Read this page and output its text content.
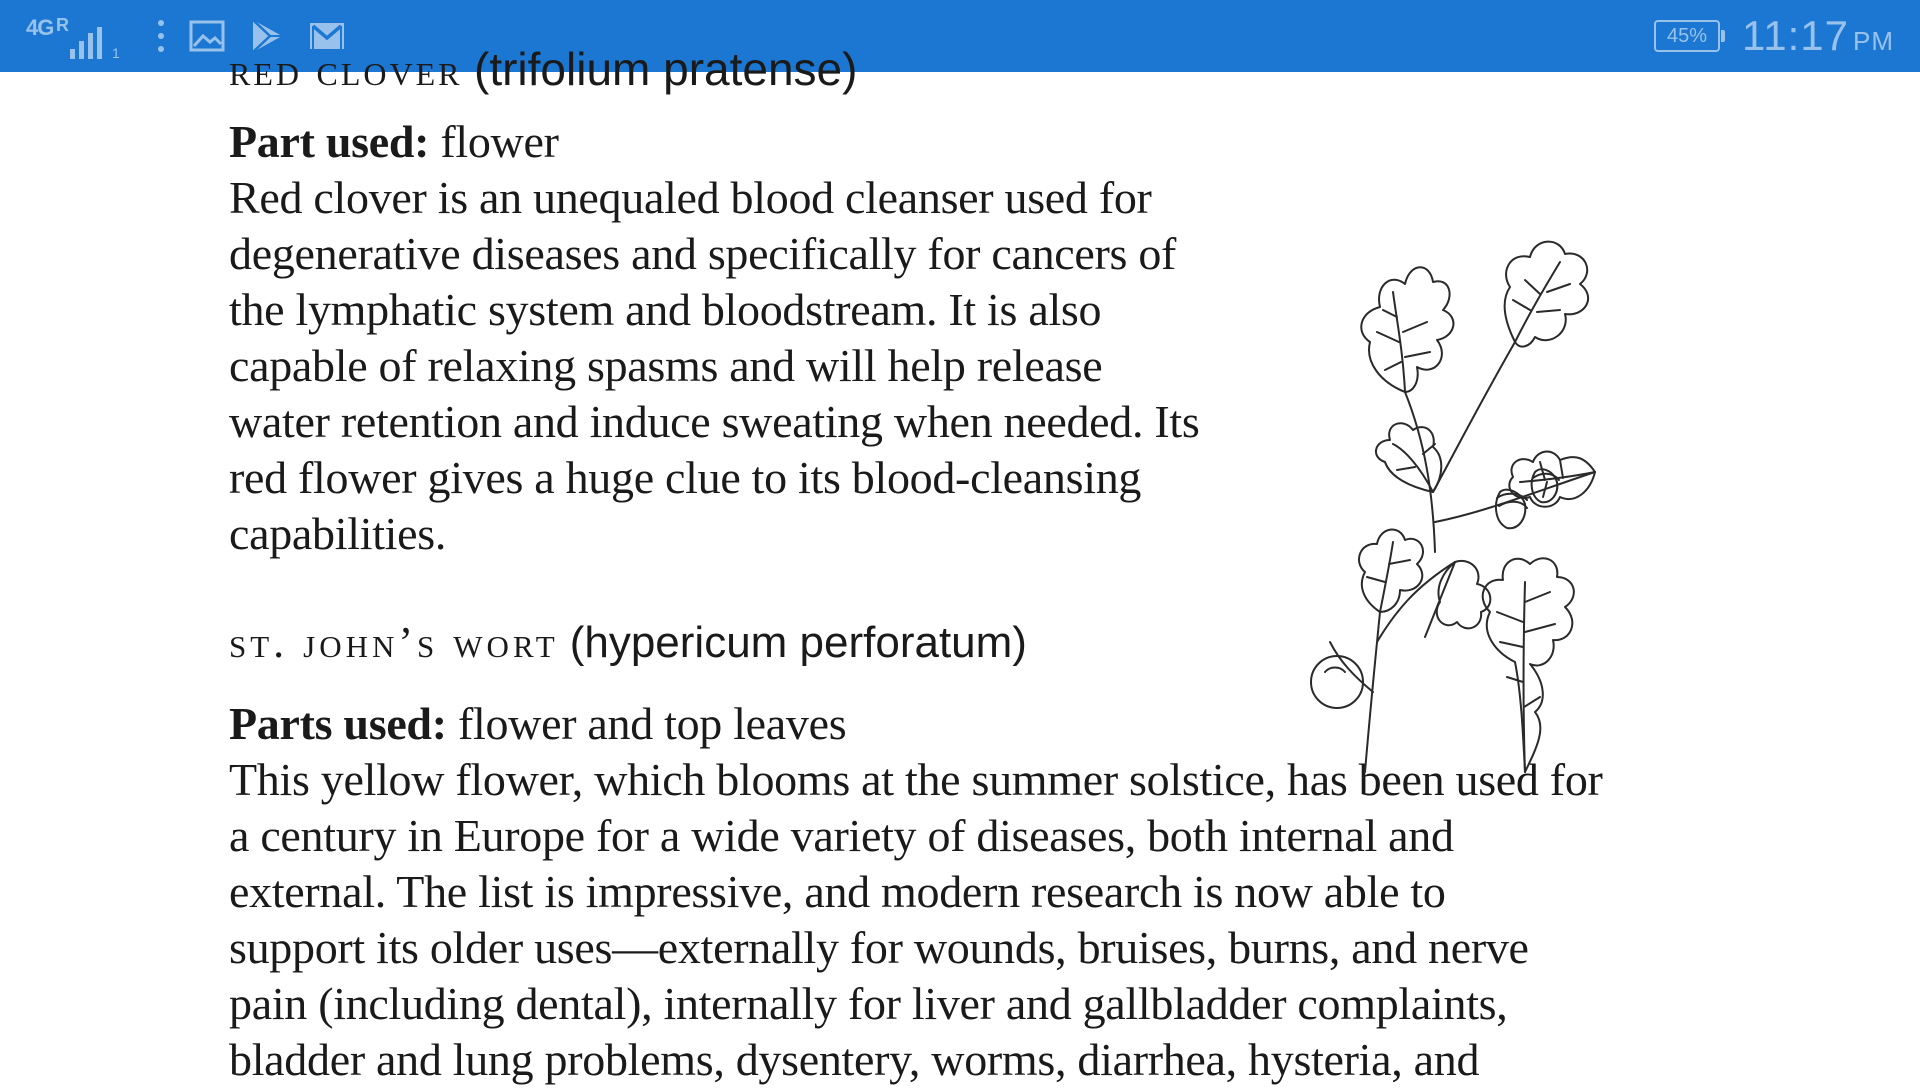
4G R
1
45% 11:17 PM
red clover (trifolium pratense)
Part used: flower
Red clover is an unequaled blood cleanser used for
degenerative diseases and specifically for cancers of
the lymphatic system and bloodstream. It is also
capable of relaxing spasms and will help release
water retention and induce sweating when needed. Its
red flower gives a huge clue to its blood-cleansing
capabilities.
st. john’s wort (hypericum perforatum)
Parts used: flower and top leaves
This yellow flower, which blooms at the summer solstice, has been used for
a century in Europe for a wide variety of diseases, both internal and
external. The list is impressive, and modern research is now able to
support its older uses—externally for wounds, bruises, burns, and nerve
pain (including dental), internally for liver and gallbladder complaints,
bladder and lung problems, dysentery, worms, diarrhea, hysteria, and
